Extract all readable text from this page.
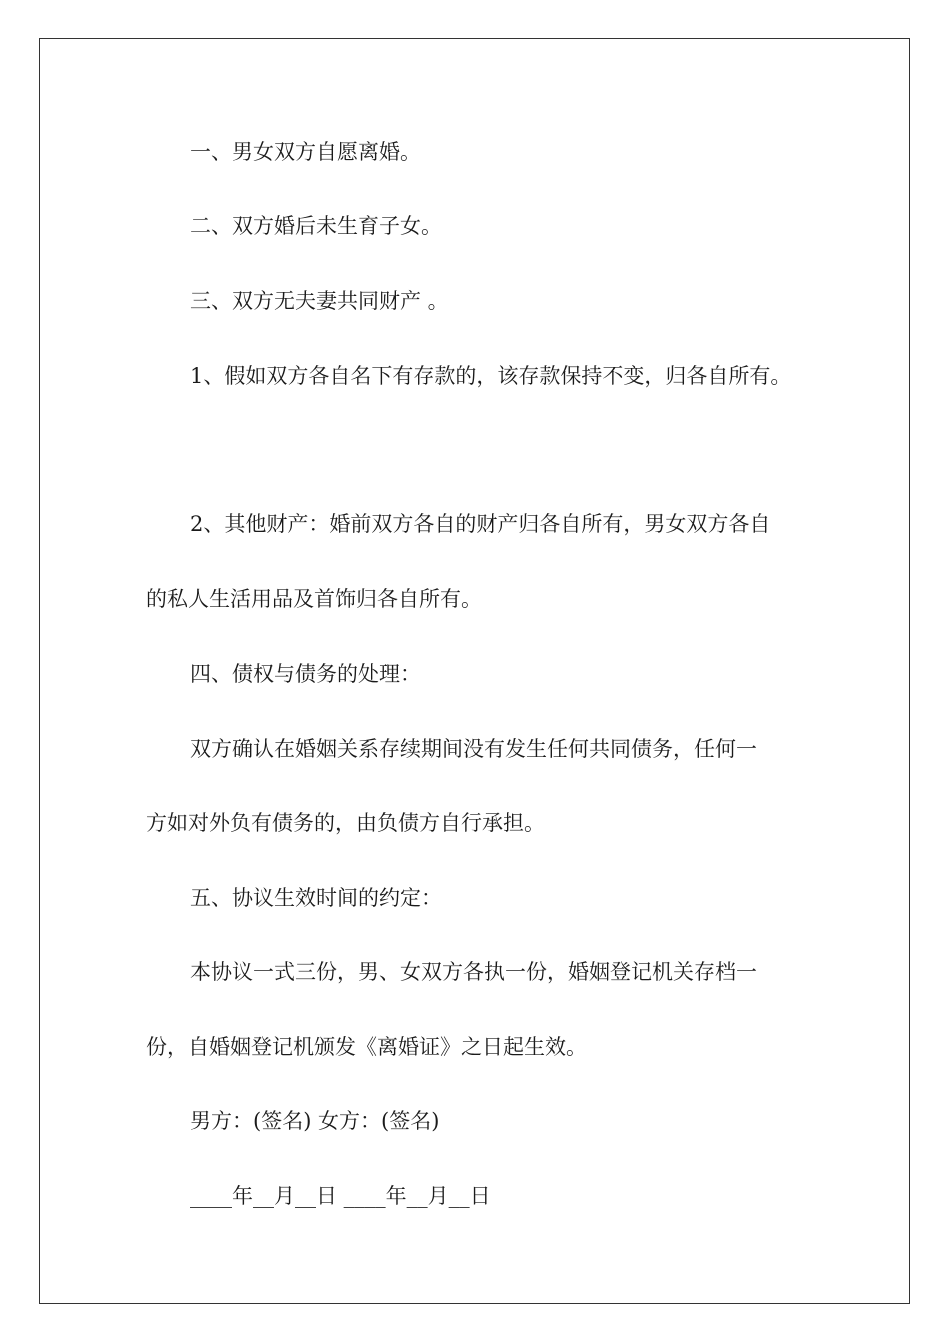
一、男女双方自愿离婚。

二、双方婚后未生育子女。

三、双方无夫妻共同财产 。

1、假如双方各自名下有存款的，该存款保持不变，归各自所有。

2、其他财产：婚前双方各自的财产归各自所有，男女双方各自

的私人生活用品及首饰归各自所有。

四、债权与债务的处理：

双方确认在婚姻关系存续期间没有发生任何共同债务，任何一

方如对外负有债务的，由负债方自行承担。

五、协议生效时间的约定：

本协议一式三份，男、女双方各执一份，婚姻登记机关存档一

份，自婚姻登记机颁发《离婚证》之日起生效。

男方：(签名) 女方：(签名)

____年__月__日 ____年__月__日
